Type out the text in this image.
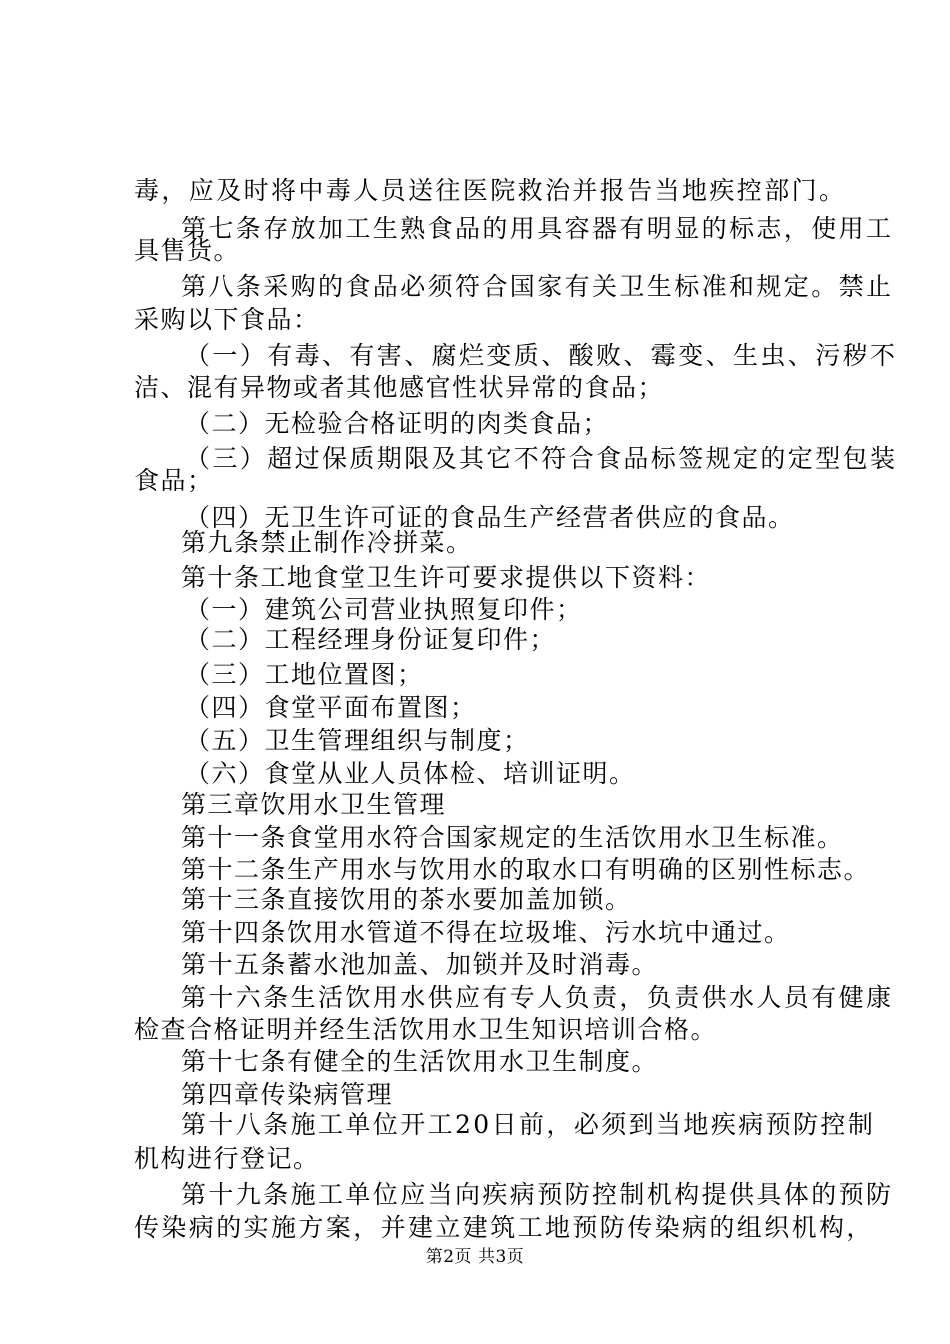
毒，应及时将中毒人员送往医院救治并报告当地疾控部门。
第七条存放加工生熟食品的用具容器有明显的标志，使用工
具售货。
第八条采购的食品必须符合国家有关卫生标准和规定。禁止
采购以下食品：
（一）有毒、有害、腐烂变质、酸败、霉变、生虫、污秽不
洁、混有异物或者其他感官性状异常的食品；
（二）无检验合格证明的肉类食品；
（三）超过保质期限及其它不符合食品标签规定的定型包装
食品；
（四）无卫生许可证的食品生产经营者供应的食品。
第九条禁止制作冷拼菜。
第十条工地食堂卫生许可要求提供以下资料：
（一）建筑公司营业执照复印件；
（二）工程经理身份证复印件；
（三）工地位置图；
（四）食堂平面布置图；
（五）卫生管理组织与制度；
（六）食堂从业人员体检、培训证明。
第三章饮用水卫生管理
第十一条食堂用水符合国家规定的生活饮用水卫生标准。
第十二条生产用水与饮用水的取水口有明确的区别性标志。
第十三条直接饮用的茶水要加盖加锁。
第十四条饮用水管道不得在垃圾堆、污水坑中通过。
第十五条蓄水池加盖、加锁并及时消毒。
第十六条生活饮用水供应有专人负责，负责供水人员有健康
检查合格证明并经生活饮用水卫生知识培训合格。
第十七条有健全的生活饮用水卫生制度。
第四章传染病管理
第十八条施工单位开工20日前，必须到当地疾病预防控制
机构进行登记。
第十九条施工单位应当向疾病预防控制机构提供具体的预防
传染病的实施方案，并建立建筑工地预防传染病的组织机构，
第2页 共3页
